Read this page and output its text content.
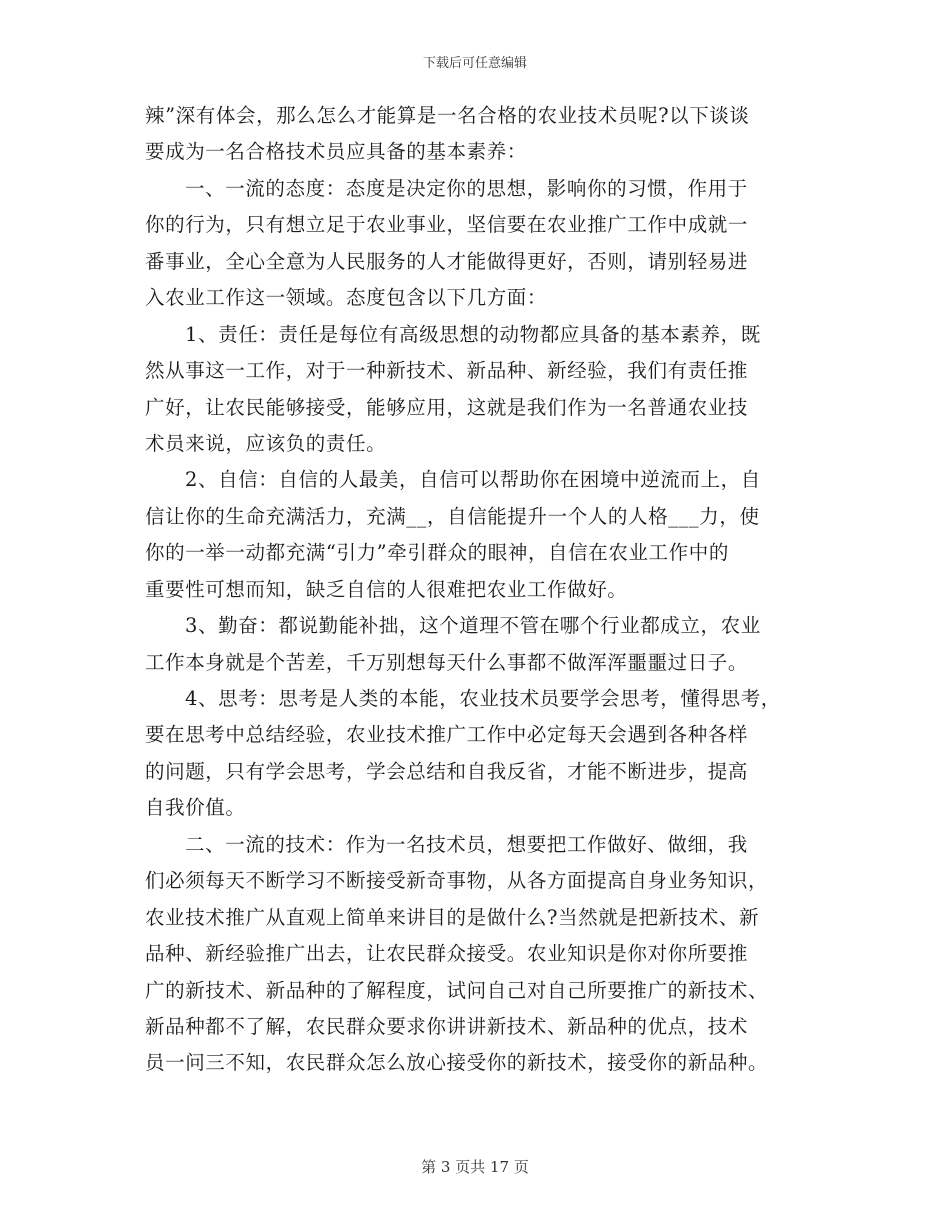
下载后可任意编辑
辣”深有体会，那么怎么才能算是一名合格的农业技术员呢?以下谈谈
要成为一名合格技术员应具备的基本素养：
一、一流的态度：态度是决定你的思想，影响你的习惯，作用于
你的行为，只有想立足于农业事业，坚信要在农业推广工作中成就一
番事业，全心全意为人民服务的人才能做得更好，否则，请别轻易进
入农业工作这一领域。态度包含以下几方面：
1、责任：责任是每位有高级思想的动物都应具备的基本素养，既
然从事这一工作，对于一种新技术、新品种、新经验，我们有责任推
广好，让农民能够接受，能够应用，这就是我们作为一名普通农业技
术员来说，应该负的责任。
2、自信：自信的人最美，自信可以帮助你在困境中逆流而上，自
信让你的生命充满活力，充满__，自信能提升一个人的人格___力，使
你的一举一动都充满“引力”牵引群众的眼神，自信在农业工作中的
重要性可想而知，缺乏自信的人很难把农业工作做好。
3、勤奋：都说勤能补拙，这个道理不管在哪个行业都成立，农业
工作本身就是个苦差，千万别想每天什么事都不做浑浑噩噩过日子。
4、思考：思考是人类的本能，农业技术员要学会思考，懂得思考，
要在思考中总结经验，农业技术推广工作中必定每天会遇到各种各样
的问题，只有学会思考，学会总结和自我反省，才能不断进步，提高
自我价值。
二、一流的技术：作为一名技术员，想要把工作做好、做细，我
们必须每天不断学习不断接受新奇事物，从各方面提高自身业务知识，
农业技术推广从直观上简单来讲目的是做什么?当然就是把新技术、新
品种、新经验推广出去，让农民群众接受。农业知识是你对你所要推
广的新技术、新品种的了解程度，试问自己对自己所要推广的新技术、
新品种都不了解，农民群众要求你讲讲新技术、新品种的优点，技术
员一问三不知，农民群众怎么放心接受你的新技术，接受你的新品种。
第 3 页共 17 页
